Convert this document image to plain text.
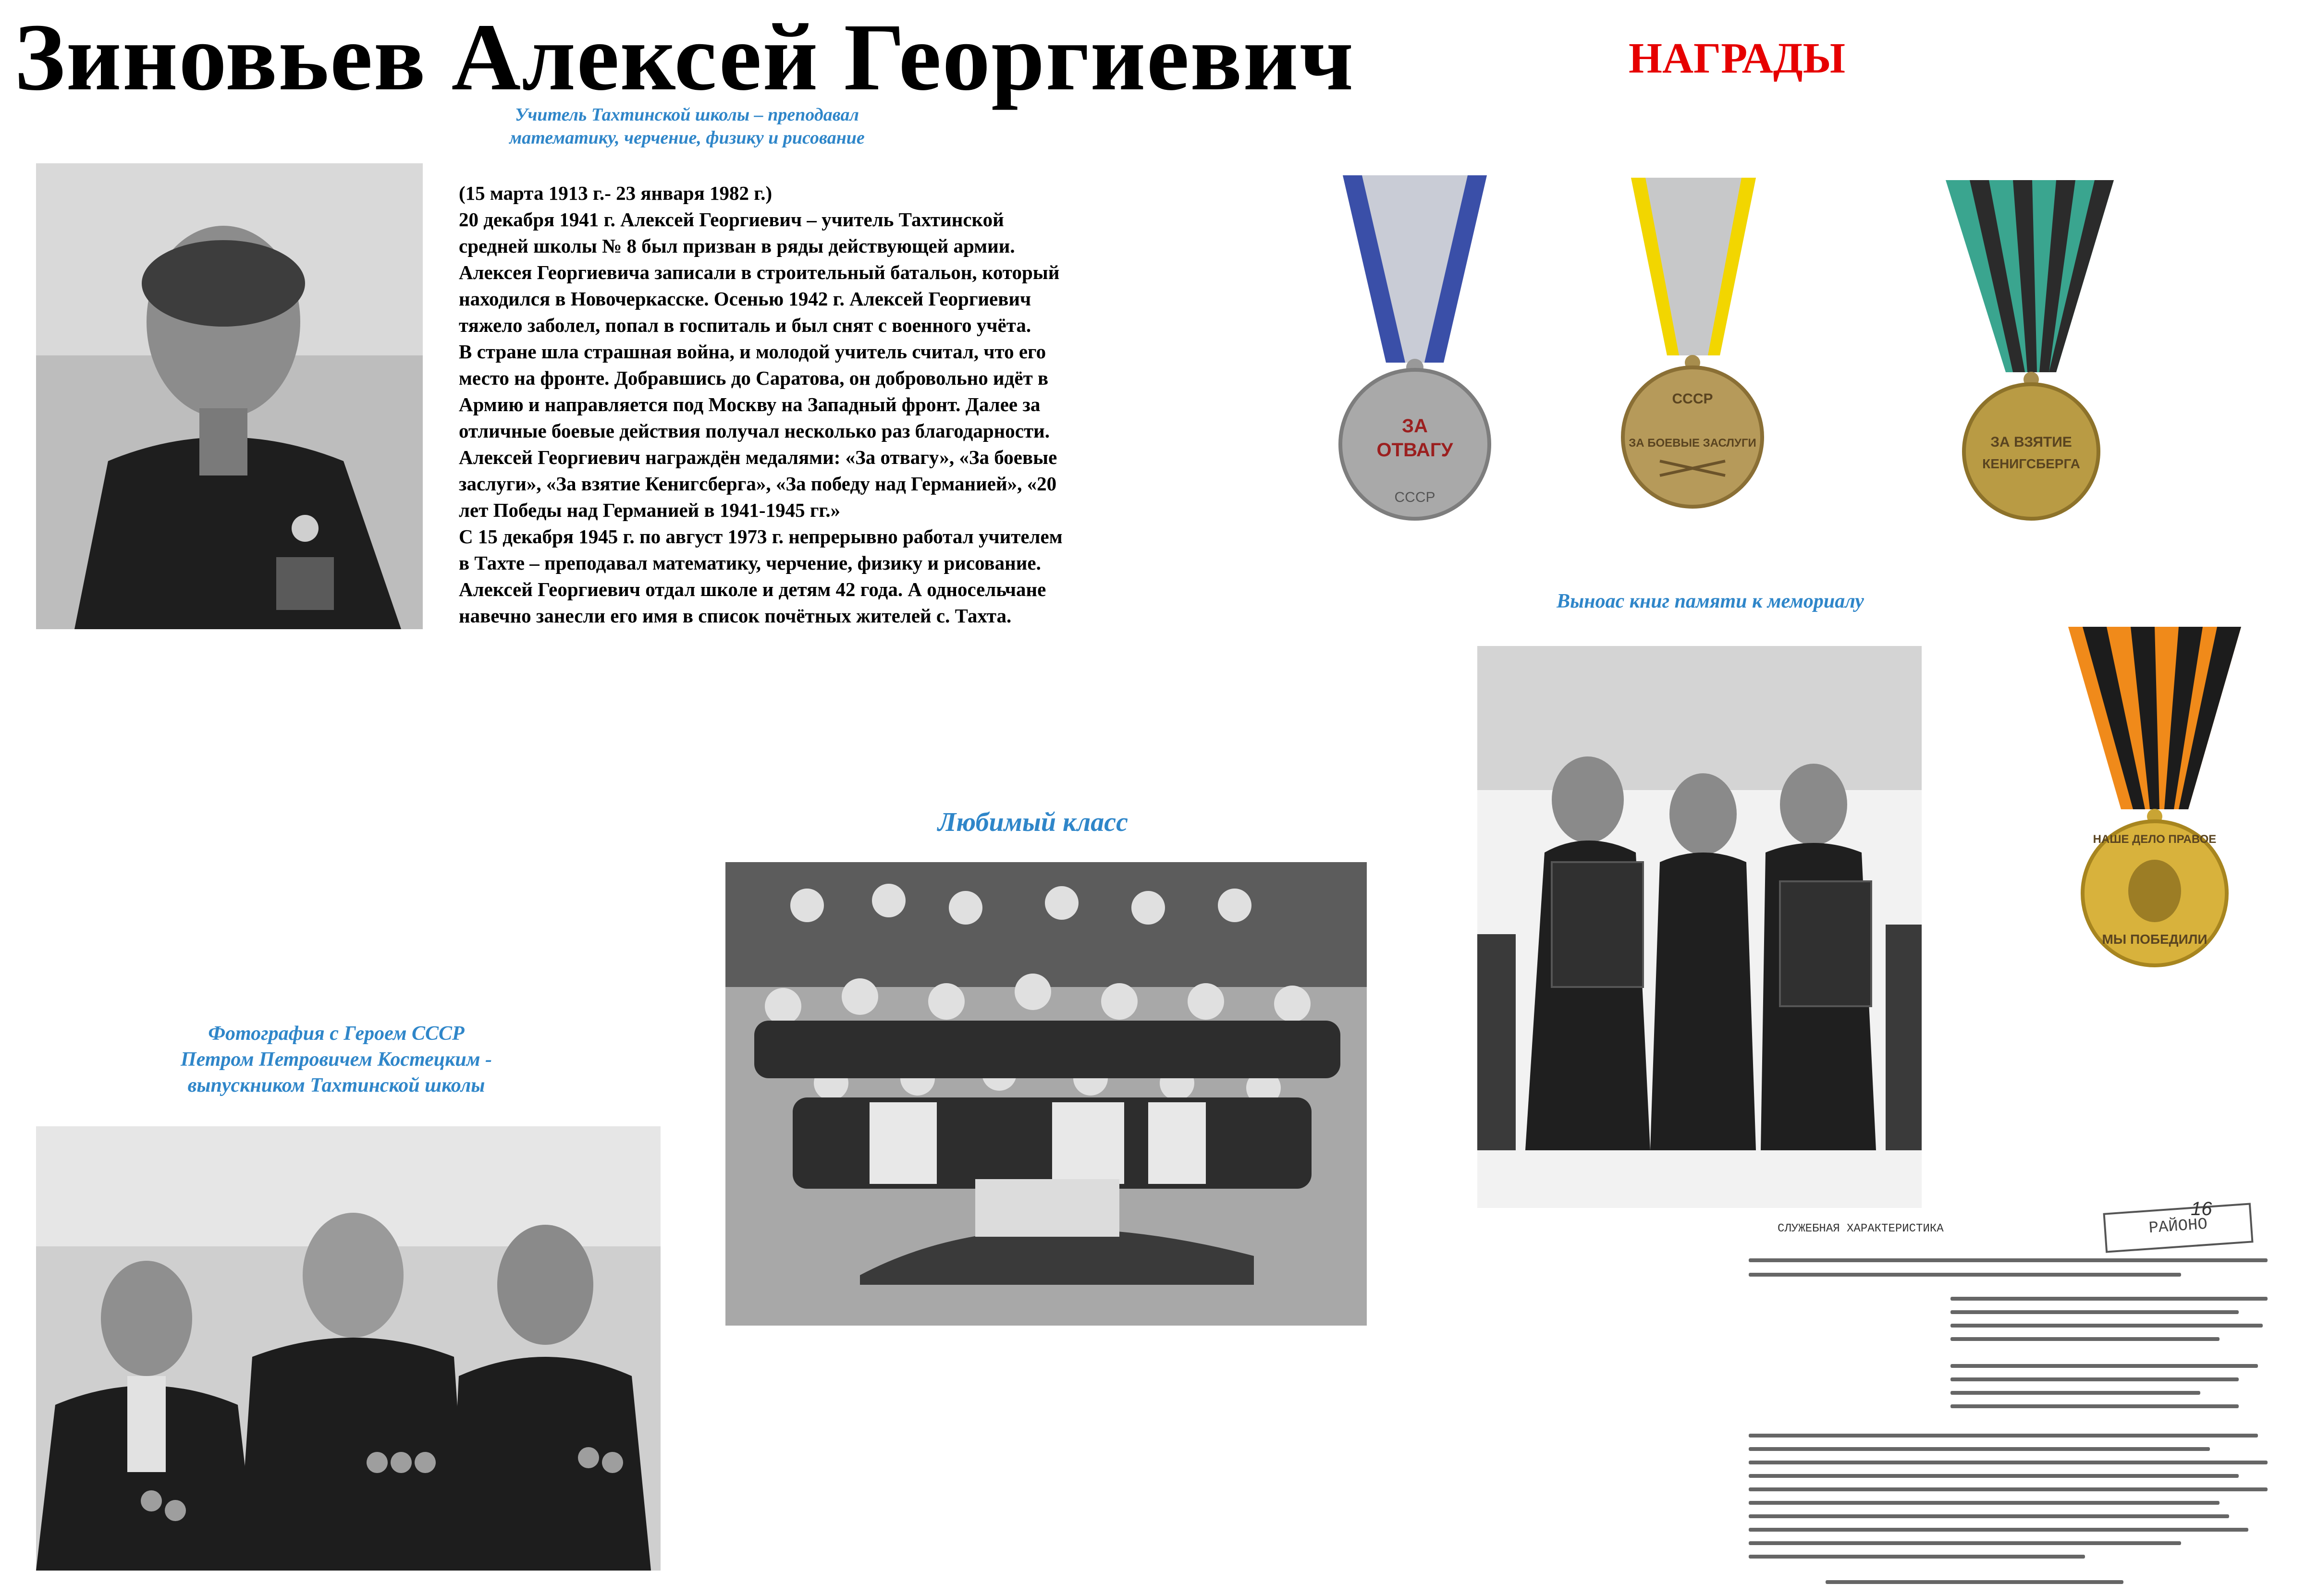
Зиновьев Алексей Георгиевич	НАГРАДЫ
Учитель Тахтинской школы – преподавал
математику, черчение, физику и рисование

(15 марта 1913 г.- 23 января 1982 г.)

20 декабря 1941 г. Алексей Георгиевич – учитель Тахтинской средней школы № 8 был призван в ряды действующей армии. Алексея Георгиевича записали в строительный батальон, который находился в Новочеркасске. Осенью 1942 г. Алексей Георгиевич тяжело заболел, попал в госпиталь и был снят с военного учёта.

В стране шла страшная война, и молодой учитель считал, что его место на фронте. Добравшись до Саратова, он добровольно идёт в Армию и направляется под Москву на Западный фронт. Далее за отличные боевые действия получал несколько раз благодарности. Алексей Георгиевич награждён медалями: «За отвагу», «За боевые заслуги», «За взятие Кенигсберга», «За победу над Германией», «20 лет Победы над Германией в 1941-1945 гг.»

С 15 декабря 1945 г. по август 1973 г. непрерывно работал учителем в Тахте – преподавал математику, черчение, физику и рисование. Алексей Георгиевич отдал школе и детям 42 года. А односельчане навечно занесли его имя в список почётных жителей с. Тахта.

ЗА
ОТВАГУ
СССР
СССР
ЗА БОЕВЫЕ ЗАСЛУГИ	ЗА ВЗЯТИЕ
КЕНИГСБЕРГА
НАШЕ ДЕЛО ПРАВОЕ
МЫ ПОБЕДИЛИ
Выноас книг памяти к мемориалу
Любимый класс
Фотография с Героем СССР
Петром Петровичем Костецким -
выпускником Тахтинской школы
СЛУЖЕБНАЯ ХАРАКТЕРИСТИКА	РАЙОНО
16
